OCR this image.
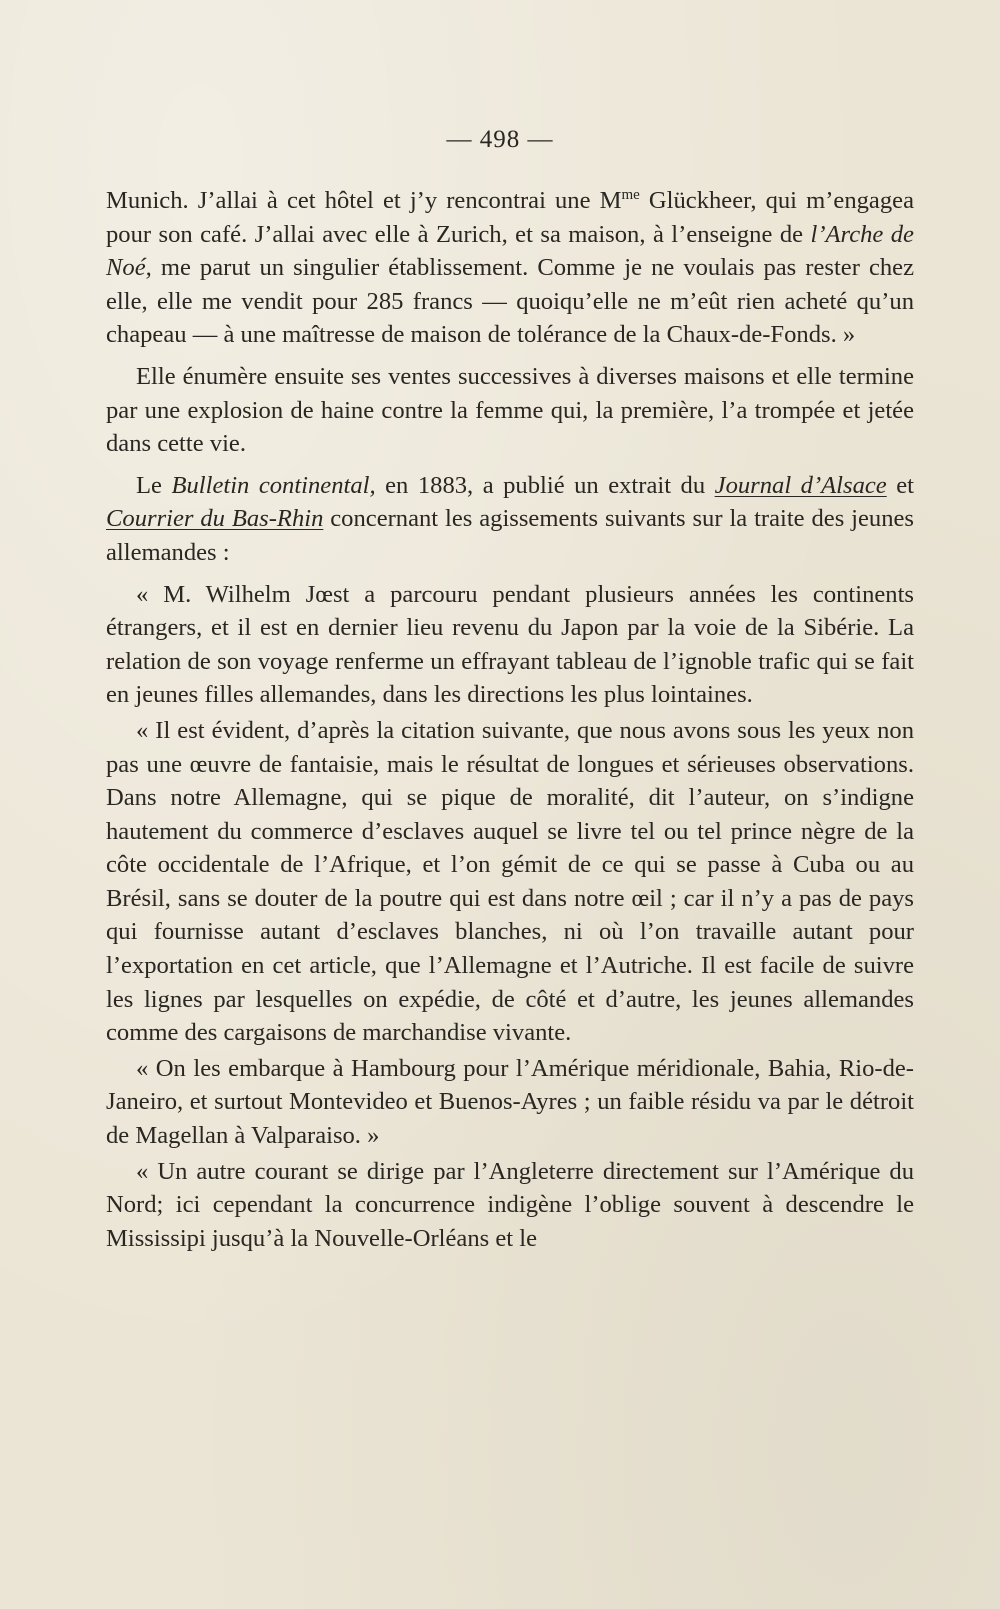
— 498 —

Munich. J’allai à cet hôtel et j’y rencontrai une $M^{me}$ Glückheer, qui m’engagea pour son café. J’allai avec elle à Zurich, et sa maison, à l’enseigne de l’Arche de Noé, me parut un singulier établissement. Comme je ne voulais pas rester chez elle, elle me vendit pour 285 francs — quoiqu’elle ne m’eût rien acheté qu’un chapeau — à une maîtresse de maison de tolérance de la Chaux-de-Fonds. »

Elle énumère ensuite ses ventes successives à diverses maisons et elle termine par une explosion de haine contre la femme qui, la première, l’a trompée et jetée dans cette vie.

Le Bulletin continental, en 1883, a publié un extrait du Journal d’Alsace et Courrier du Bas-Rhin concernant les agissements suivants sur la traite des jeunes allemandes :

« M. Wilhelm Jœst a parcouru pendant plusieurs années les continents étrangers, et il est en dernier lieu revenu du Japon par la voie de la Sibérie. La relation de son voyage renferme un effrayant tableau de l’ignoble trafic qui se fait en jeunes filles allemandes, dans les directions les plus lointaines.

« Il est évident, d’après la citation suivante, que nous avons sous les yeux non pas une œuvre de fantaisie, mais le résultat de longues et sérieuses observations. Dans notre Allemagne, qui se pique de moralité, dit l’auteur, on s’indigne hautement du commerce d’esclaves auquel se livre tel ou tel prince nègre de la côte occidentale de l’Afrique, et l’on gémit de ce qui se passe à Cuba ou au Brésil, sans se douter de la poutre qui est dans notre œil ; car il n’y a pas de pays qui fournisse autant d’esclaves blanches, ni où l’on travaille autant pour l’exportation en cet article, que l’Allemagne et l’Autriche. Il est facile de suivre les lignes par lesquelles on expédie, de côté et d’autre, les jeunes allemandes comme des cargaisons de marchandise vivante.

« On les embarque à Hambourg pour l’Amérique méridionale, Bahia, Rio-de-Janeiro, et surtout Montevideo et Buenos-Ayres ; un faible résidu va par le détroit de Magellan à Valparaiso. »

« Un autre courant se dirige par l’Angleterre directement sur l’Amérique du Nord; ici cependant la concurrence indigène l’oblige souvent à descendre le Mississipi jusqu’à la Nouvelle-Orléans et le
